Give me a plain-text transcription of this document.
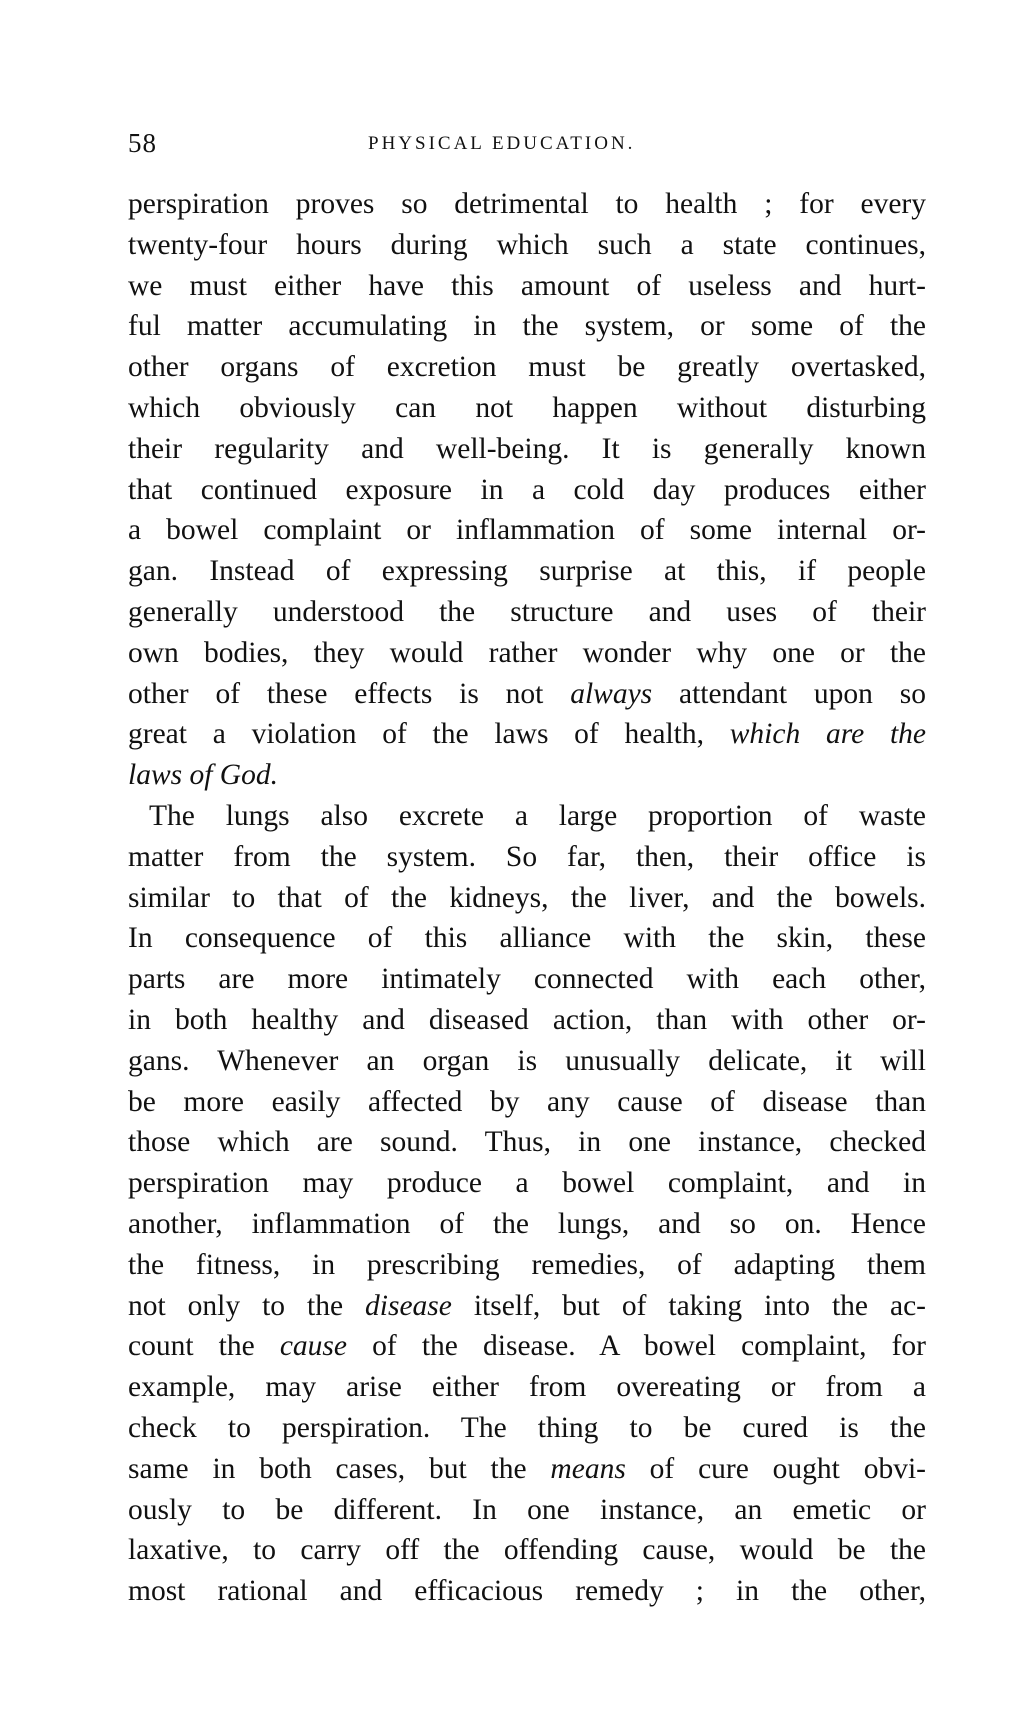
58	PHYSICAL EDUCATION.
perspiration proves so detrimental to health ; for every
twenty-four hours during which such a state continues,
we must either have this amount of useless and hurt-
ful matter accumulating in the system, or some of the
other organs of excretion must be greatly overtasked,
which obviously can not happen without disturbing
their regularity and well-being. It is generally known
that continued exposure in a cold day produces either
a bowel complaint or inflammation of some internal or-
gan. Instead of expressing surprise at this, if people
generally understood the structure and uses of their
own bodies, they would rather wonder why one or the
other of these effects is not always attendant upon so
great a violation of the laws of health, which are the
laws of God.
The lungs also excrete a large proportion of waste
matter from the system. So far, then, their office is
similar to that of the kidneys, the liver, and the bowels.
In consequence of this alliance with the skin, these
parts are more intimately connected with each other,
in both healthy and diseased action, than with other or-
gans. Whenever an organ is unusually delicate, it will
be more easily affected by any cause of disease than
those which are sound. Thus, in one instance, checked
perspiration may produce a bowel complaint, and in
another, inflammation of the lungs, and so on. Hence
the fitness, in prescribing remedies, of adapting them
not only to the disease itself, but of taking into the ac-
count the cause of the disease. A bowel complaint, for
example, may arise either from overeating or from a
check to perspiration. The thing to be cured is the
same in both cases, but the means of cure ought obvi-
ously to be different. In one instance, an emetic or
laxative, to carry off the offending cause, would be the
most rational and efficacious remedy ; in the other,
